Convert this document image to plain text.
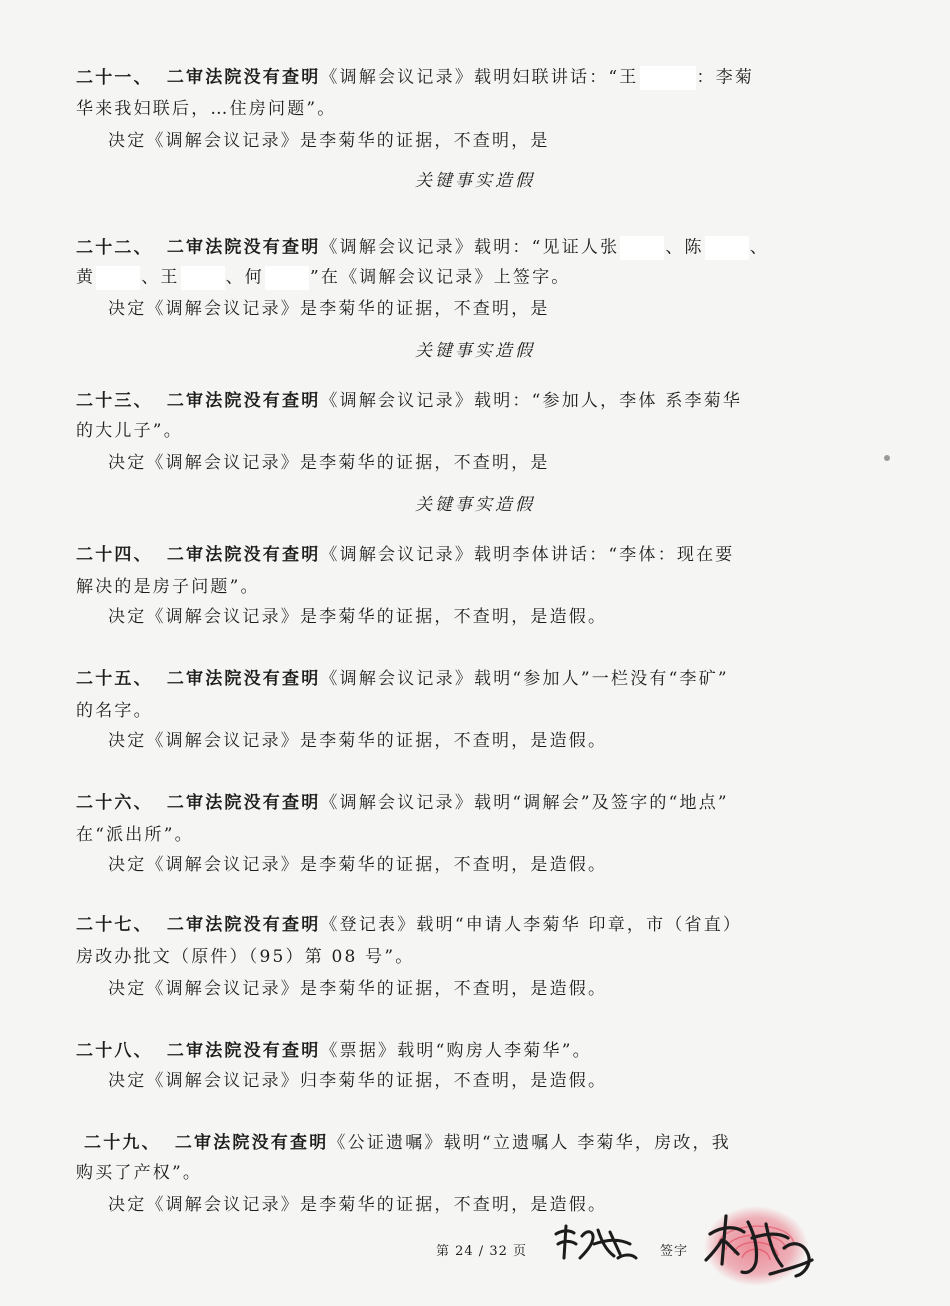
二十一、 二审法院没有查明《调解会议记录》载明妇联讲话：“王	：李菊
华来我妇联后，…住房问题”。
决定《调解会议记录》是李菊华的证据，不查明，是
关键事实造假
二十二、 二审法院没有查明《调解会议记录》载明：“见证人张	、陈	、
黄	、王	、何	”在《调解会议记录》上签字。
决定《调解会议记录》是李菊华的证据，不查明，是
关键事实造假
二十三、 二审法院没有查明《调解会议记录》载明：“参加人，李体 系李菊华
的大儿子”。
决定《调解会议记录》是李菊华的证据，不查明，是
关键事实造假
二十四、 二审法院没有查明《调解会议记录》载明李体讲话：“李体：现在要
解决的是房子问题”。
决定《调解会议记录》是李菊华的证据，不查明，是造假。
二十五、 二审法院没有查明《调解会议记录》载明“参加人”一栏没有“李矿”
的名字。
决定《调解会议记录》是李菊华的证据，不查明，是造假。
二十六、 二审法院没有查明《调解会议记录》载明“调解会”及签字的“地点”
在“派出所”。
决定《调解会议记录》是李菊华的证据，不查明，是造假。
二十七、 二审法院没有查明《登记表》载明“申请人李菊华 印章，市（省直）
房改办批文（原件）（95）第 08 号”。
决定《调解会议记录》是李菊华的证据，不查明，是造假。
二十八、 二审法院没有查明《票据》载明“购房人李菊华”。
决定《调解会议记录》归李菊华的证据，不查明，是造假。
二十九、 二审法院没有查明《公证遗嘱》载明“立遗嘱人 李菊华，房改，我
购买了产权”。
决定《调解会议记录》是李菊华的证据，不查明，是造假。
第 24 / 32 页	签字
